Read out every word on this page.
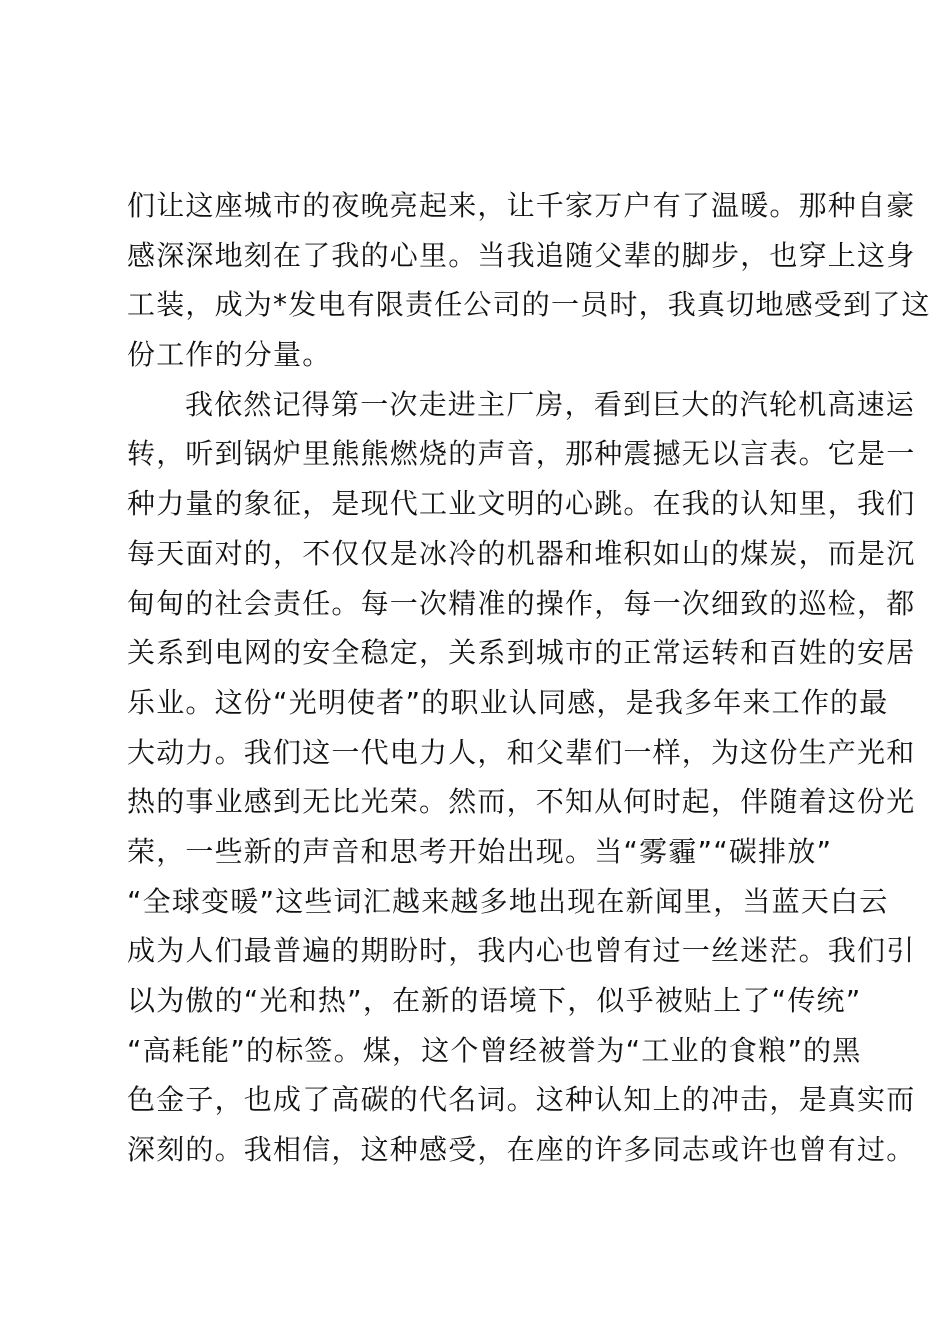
们让这座城市的夜晚亮起来，让千家万户有了温暖。那种自豪
感深深地刻在了我的心里。当我追随父辈的脚步，也穿上这身
工装，成为*发电有限责任公司的一员时，我真切地感受到了这
份工作的分量。
我依然记得第一次走进主厂房，看到巨大的汽轮机高速运
转，听到锅炉里熊熊燃烧的声音，那种震撼无以言表。它是一
种力量的象征，是现代工业文明的心跳。在我的认知里，我们
每天面对的，不仅仅是冰冷的机器和堆积如山的煤炭，而是沉
甸甸的社会责任。每一次精准的操作，每一次细致的巡检，都
关系到电网的安全稳定，关系到城市的正常运转和百姓的安居
乐业。这份“光明使者”的职业认同感，是我多年来工作的最
大动力。我们这一代电力人，和父辈们一样，为这份生产光和
热的事业感到无比光荣。然而，不知从何时起，伴随着这份光
荣，一些新的声音和思考开始出现。当“雾霾”“碳排放”
“全球变暖”这些词汇越来越多地出现在新闻里，当蓝天白云
成为人们最普遍的期盼时，我内心也曾有过一丝迷茫。我们引
以为傲的“光和热”，在新的语境下，似乎被贴上了“传统”
“高耗能”的标签。煤，这个曾经被誉为“工业的食粮”的黑
色金子，也成了高碳的代名词。这种认知上的冲击，是真实而
深刻的。我相信，这种感受，在座的许多同志或许也曾有过。
